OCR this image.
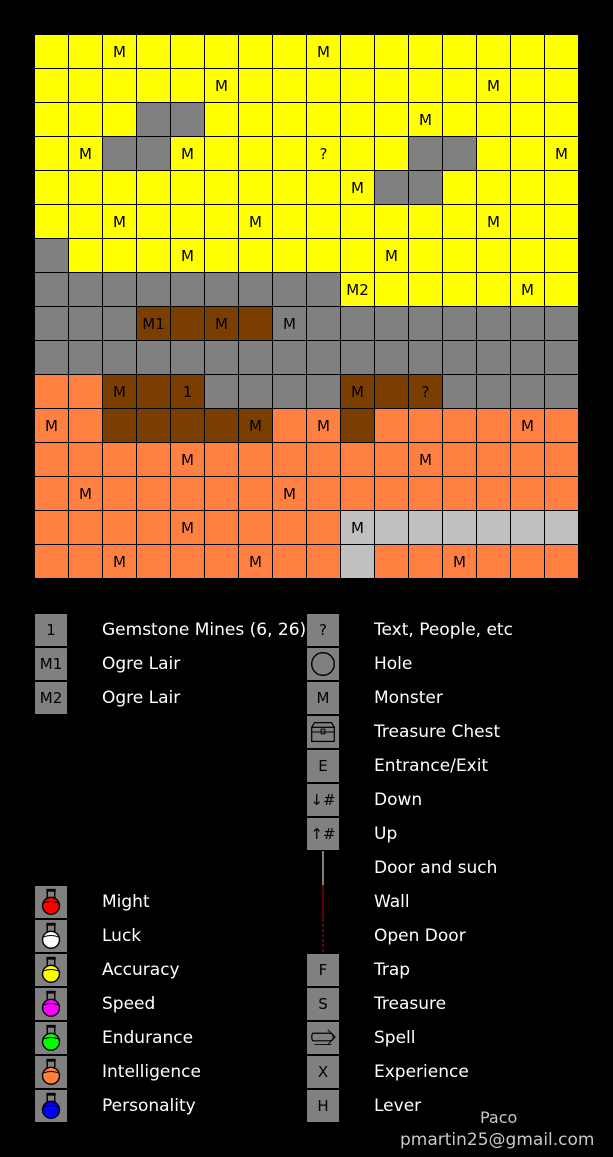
M	M
M	M
M
M	M	?	M
M
M	M	M
M	M
M2	M
M1	M	M
M	1	M	?
M	M	M	M
M	M
M	M
M	M
M	M	M
1	Gemstone Mines (6, 26)
M1	Ogre Lair
M2	Ogre Lair
Might
Luck
Accuracy
Speed
Endurance
Intelligence
Personality
?	Text, People, etc
Hole
M	Monster
Treasure Chest
E	Entrance/Exit
↓# Down
↑# Up
Door and such
Wall
Open Door
F	Trap
S	Treasure
Spell
X	Experience
H	Lever
Paco
pmartin25@gmail.com
